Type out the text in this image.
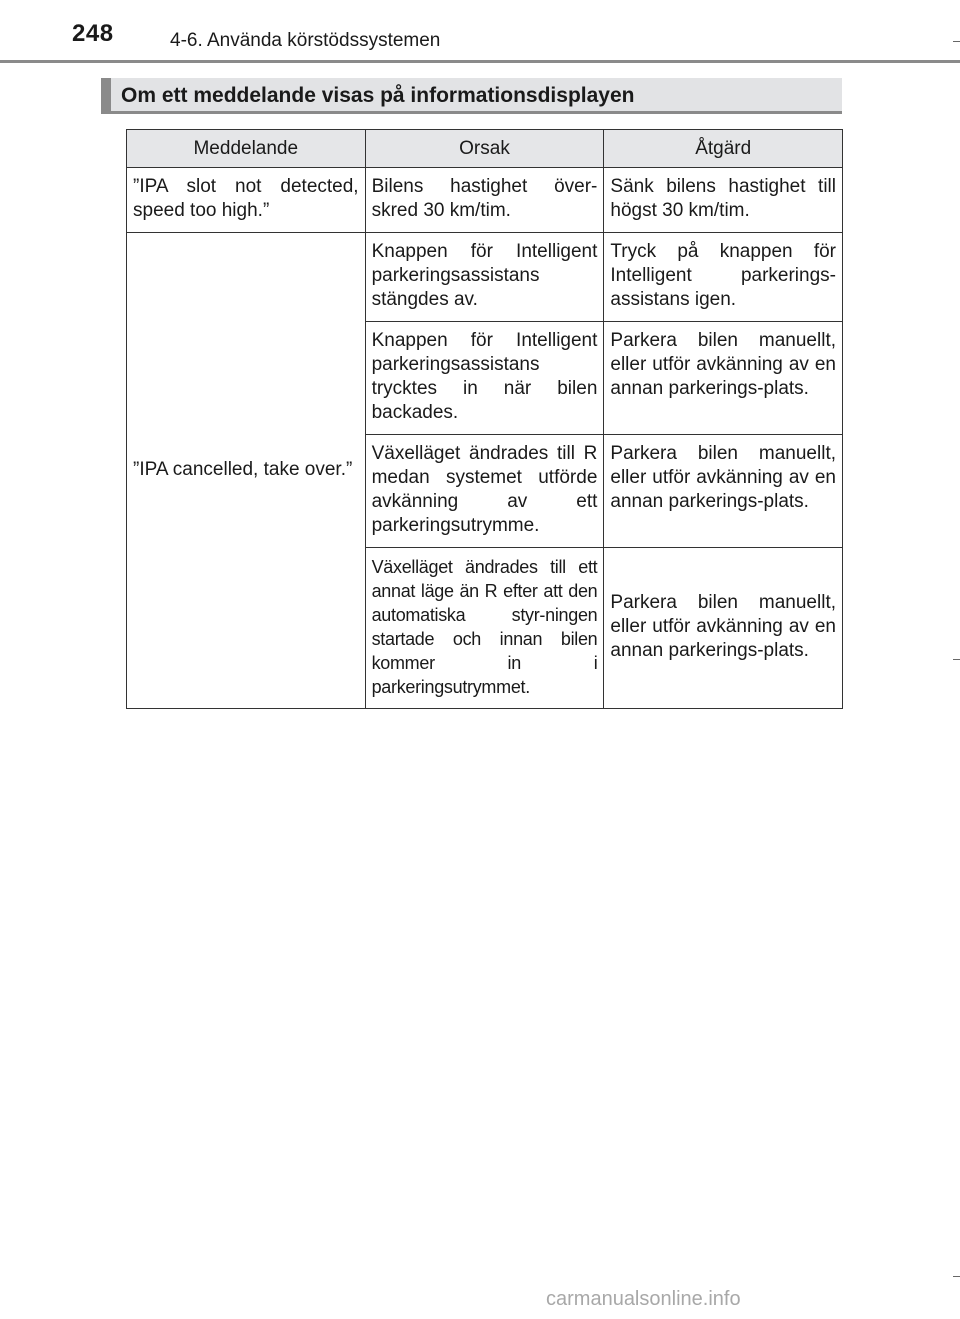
248	4-6. Använda körstödssystemen
Om ett meddelande visas på informationsdisplayen
Meddelande	Orsak	Åtgärd
”IPA slot not detected, speed too high.”	Bilens hastighet över-skred 30 km/tim.	Sänk bilens hastighet till högst 30 km/tim.
”IPA cancelled, take over.”	Knappen för Intelligent parkeringsassistans stängdes av.	Tryck på knappen för Intelligent parkerings-assistans igen.
	Knappen för Intelligent parkeringsassistans trycktes in när bilen backades.	Parkera bilen manuellt, eller utför avkänning av en annan parkerings-plats.
	Växelläget ändrades till R medan systemet utförde avkänning av ett parkeringsutrymme.	Parkera bilen manuellt, eller utför avkänning av en annan parkerings-plats.
	Växelläget ändrades till ett annat läge än R efter att den automatiska styr-ningen startade och innan bilen kommer in i parkeringsutrymmet.	Parkera bilen manuellt, eller utför avkänning av en annan parkerings-plats.
carmanualsonline.info
